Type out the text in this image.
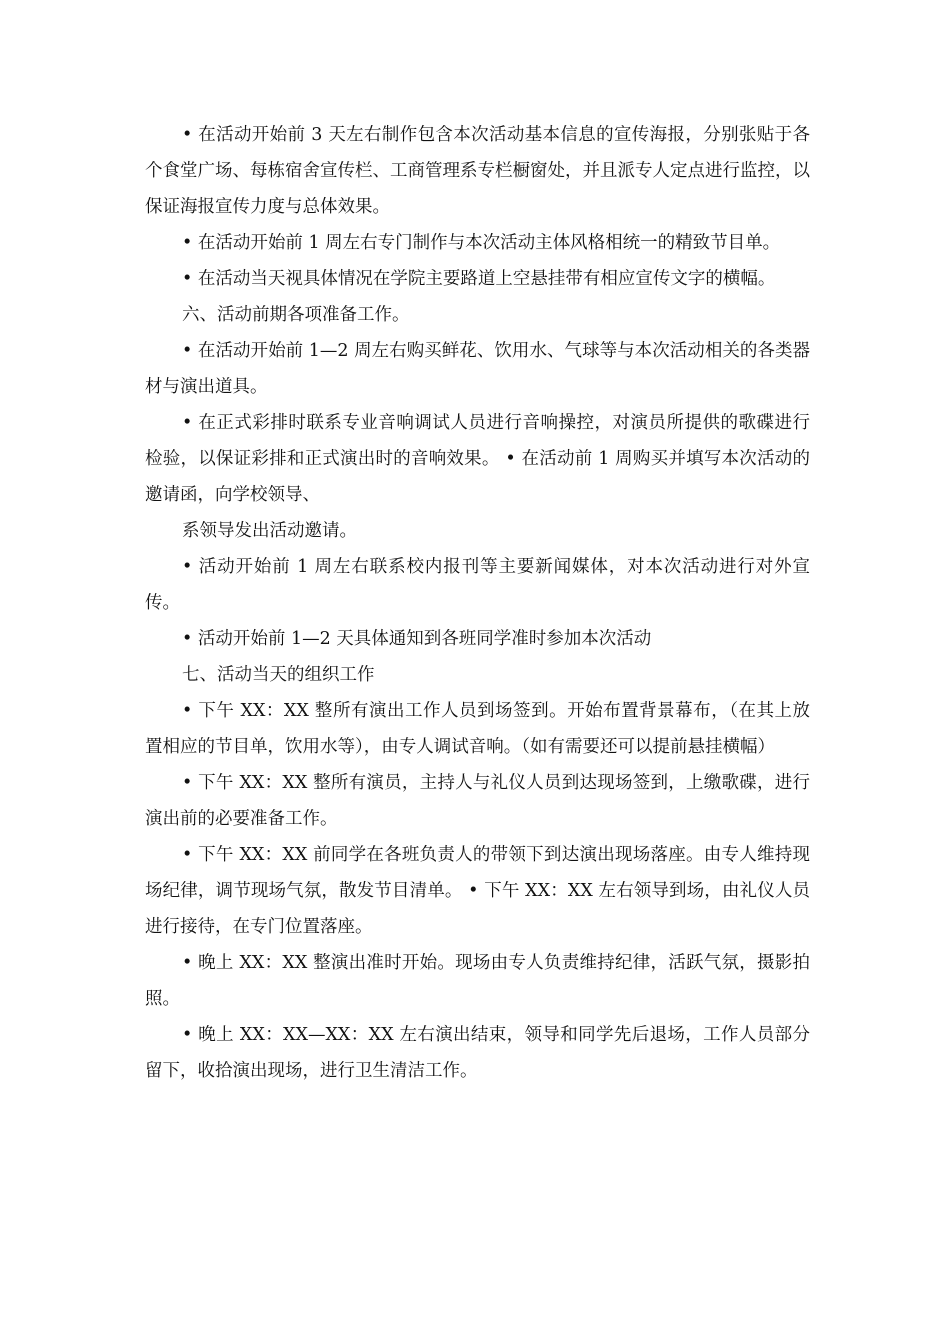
• 在活动开始前 3 天左右制作包含本次活动基本信息的宣传海报，分别张贴于各个食堂广场、每栋宿舍宣传栏、工商管理系专栏橱窗处，并且派专人定点进行监控，以保证海报宣传力度与总体效果。

• 在活动开始前 1 周左右专门制作与本次活动主体风格相统一的精致节目单。

• 在活动当天视具体情况在学院主要路道上空悬挂带有相应宣传文字的横幅。

六、活动前期各项准备工作。

• 在活动开始前 1—2 周左右购买鲜花、饮用水、气球等与本次活动相关的各类器材与演出道具。

• 在正式彩排时联系专业音响调试人员进行音响操控，对演员所提供的歌碟进行检验，以保证彩排和正式演出时的音响效果。 • 在活动前 1 周购买并填写本次活动的邀请函，向学校领导、

系领导发出活动邀请。

• 活动开始前 1 周左右联系校内报刊等主要新闻媒体，对本次活动进行对外宣传。

• 活动开始前 1—2 天具体通知到各班同学准时参加本次活动

七、活动当天的组织工作

• 下午 XX：XX 整所有演出工作人员到场签到。开始布置背景幕布，（在其上放置相应的节目单，饮用水等），由专人调试音响。（如有需要还可以提前悬挂横幅）

• 下午 XX：XX 整所有演员，主持人与礼仪人员到达现场签到，上缴歌碟，进行演出前的必要准备工作。

• 下午 XX：XX 前同学在各班负责人的带领下到达演出现场落座。由专人维持现场纪律，调节现场气氛，散发节目清单。 • 下午 XX：XX 左右领导到场，由礼仪人员进行接待，在专门位置落座。

• 晚上 XX：XX 整演出准时开始。现场由专人负责维持纪律，活跃气氛，摄影拍照。

• 晚上 XX：XX—XX：XX 左右演出结束，领导和同学先后退场，工作人员部分留下，收拾演出现场，进行卫生清洁工作。
